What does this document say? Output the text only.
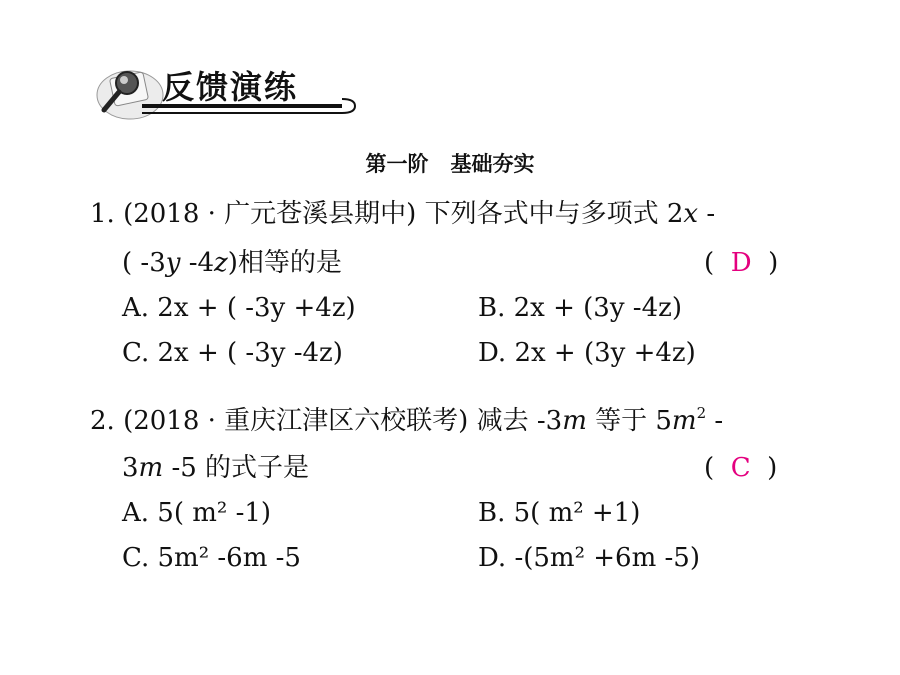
反馈演练
第一阶   基础夯实
1. (2018 · 广元苍溪县期中) 下列各式中与多项式 2x -
( -3y -4z)相等的是	(  D  )
A. 2x + ( -3y +4z)	B. 2x + (3y -4z)
C. 2x + ( -3y -4z)	D. 2x + (3y +4z)
2. (2018 · 重庆江津区六校联考) 减去 -3m 等于 $5m^2$ -
3m -5 的式子是	(  C  )
A. 5( m² -1)	B. 5( m² +1)
C. 5m² -6m -5	D. -(5m² +6m -5)
